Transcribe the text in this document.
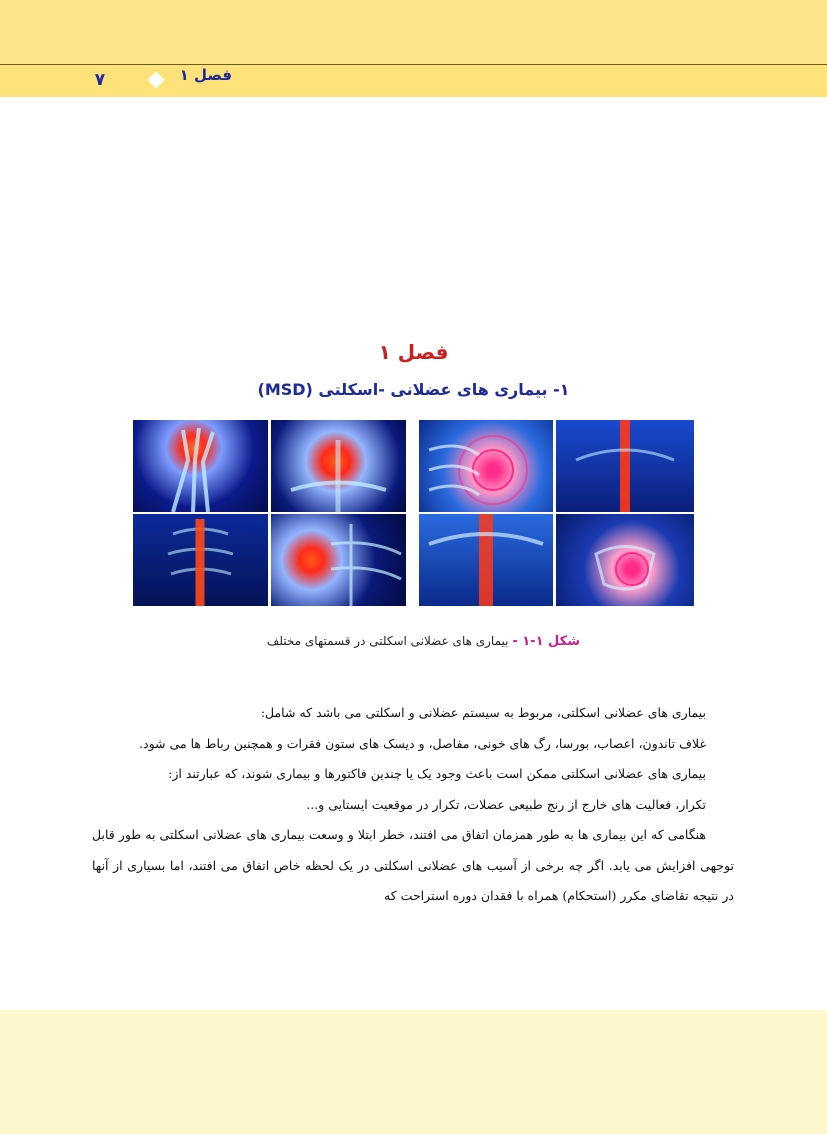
۷	فصل ۱
فصل ۱
۱- بیماری های عضلانی -اسکلتی (MSD)
شکل ۱-۱ - بیماری های عضلانی اسکلتی در قسمتهای مختلف

بیماری های عضلانی اسکلتی، مربوط به سیستم عضلانی و اسکلتی می باشد که شامل:

غلاف تاندون، اعصاب، بورسا، رگ های خونی، مفاصل، و دیسک های ستون فقرات و همچنین رباط ها می شود.

بیماری های عضلانی اسکلتی ممکن است باعث وجود یک یا چندین فاکتورها و بیماری شوند، که عبارتند از:

تکرار، فعالیت های خارج از رنج طبیعی عضلات، تکرار در موقعیت ایستایی و...

هنگامی که این بیماری ها به طور همزمان اتفاق می افتند، خطر ابتلا و وسعت بیماری های عضلانی اسکلتی به طور قابل توجهی افزایش می یابد. اگر چه برخی از آسیب های عضلانی اسکلتی در یک لحظه خاص اتفاق می افتند، اما بسیاری از آنها در نتیجه تقاضای مکرر (استحکام) همراه با فقدان دوره استراحت که
